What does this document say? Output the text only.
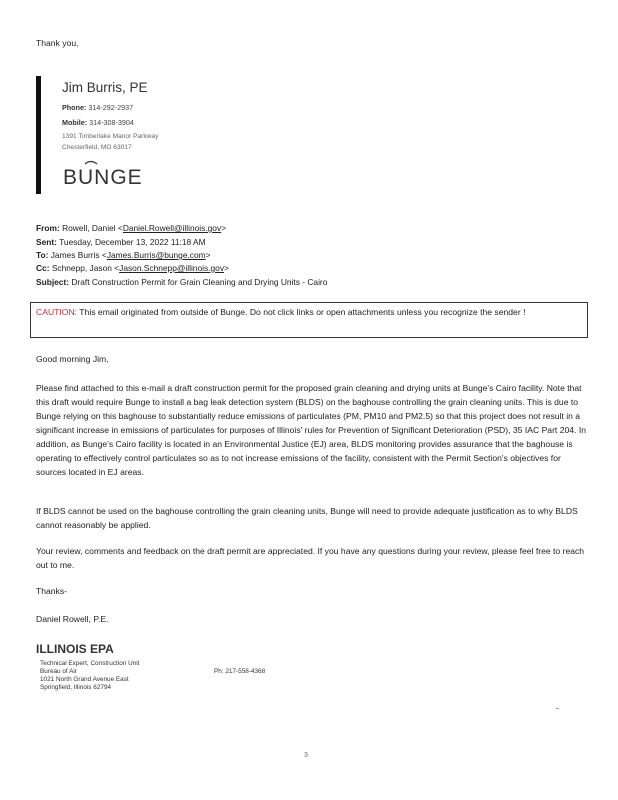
Thank you,
Jim Burris, PE
Phone: 314-292-2937
Mobile: 314-308-3904
1391 Timberlake Manor Parkway
Chesterfield, MO 63017
BUNGE
From: Rowell, Daniel <Daniel.Rowell@illinois.gov>
Sent: Tuesday, December 13, 2022 11:18 AM
To: James Burris <James.Burris@bunge.com>
Cc: Schnepp, Jason <Jason.Schnepp@illinois.gov>
Subject: Draft Construction Permit for Grain Cleaning and Drying Units - Cairo
CAUTION: This email originated from outside of Bunge. Do not click links or open attachments unless you recognize the sender !
Good morning Jim,
Please find attached to this e-mail a draft construction permit for the proposed grain cleaning and drying units at Bunge's Cairo facility. Note that this draft would require Bunge to install a bag leak detection system (BLDS) on the baghouse controlling the grain cleaning units. This is due to Bunge relying on this baghouse to substantially reduce emissions of particulates (PM, PM10 and PM2.5) so that this project does not result in a significant increase in emissions of particulates for purposes of Illinois' rules for Prevention of Significant Deterioration (PSD), 35 IAC Part 204. In addition, as Bunge's Cairo facility is located in an Environmental Justice (EJ) area, BLDS monitoring provides assurance that the baghouse is operating to effectively control particulates so as to not increase emissions of the facility, consistent with the Permit Section's objectives for sources located in EJ areas.
If BLDS cannot be used on the baghouse controlling the grain cleaning units, Bunge will need to provide adequate justification as to why BLDS cannot reasonably be applied.
Your review, comments and feedback on the draft permit are appreciated. If you have any questions during your review, please feel free to reach out to me.
Thanks-
Daniel Rowell, P.E.
ILLINOIS EPA
Technical Expert, Construction Unit
Bureau of Air
1021 North Grand Avenue East
Springfield, Illinois 62794
Ph: 217-558-4368
3
